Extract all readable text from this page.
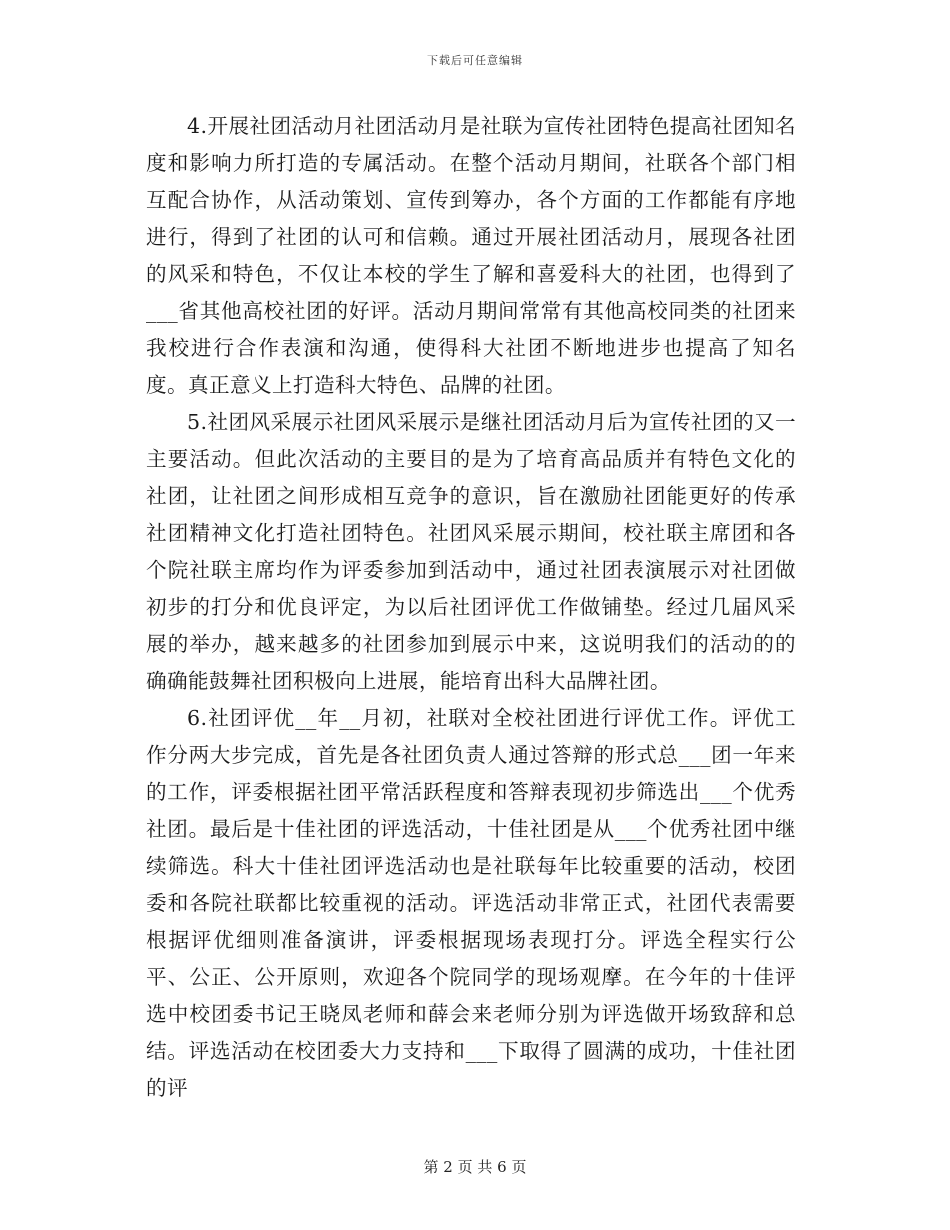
下载后可任意编辑

4.开展社团活动月社团活动月是社联为宣传社团特色提高社团知名度和影响力所打造的专属活动。在整个活动月期间，社联各个部门相互配合协作，从活动策划、宣传到筹办，各个方面的工作都能有序地进行，得到了社团的认可和信赖。通过开展社团活动月，展现各社团的风采和特色，不仅让本校的学生了解和喜爱科大的社团，也得到了___省其他高校社团的好评。活动月期间常常有其他高校同类的社团来我校进行合作表演和沟通，使得科大社团不断地进步也提高了知名度。真正意义上打造科大特色、品牌的社团。

5.社团风采展示社团风采展示是继社团活动月后为宣传社团的又一主要活动。但此次活动的主要目的是为了培育高品质并有特色文化的社团，让社团之间形成相互竞争的意识，旨在激励社团能更好的传承社团精神文化打造社团特色。社团风采展示期间，校社联主席团和各个院社联主席均作为评委参加到活动中，通过社团表演展示对社团做初步的打分和优良评定，为以后社团评优工作做铺垫。经过几届风采展的举办，越来越多的社团参加到展示中来，这说明我们的活动的的确确能鼓舞社团积极向上进展，能培育出科大品牌社团。

6.社团评优__年__月初，社联对全校社团进行评优工作。评优工作分两大步完成，首先是各社团负责人通过答辩的形式总___团一年来的工作，评委根据社团平常活跃程度和答辩表现初步筛选出___个优秀社团。最后是十佳社团的评选活动，十佳社团是从___个优秀社团中继续筛选。科大十佳社团评选活动也是社联每年比较重要的活动，校团委和各院社联都比较重视的活动。评选活动非常正式，社团代表需要根据评优细则准备演讲，评委根据现场表现打分。评选全程实行公平、公正、公开原则，欢迎各个院同学的现场观摩。在今年的十佳评选中校团委书记王晓凤老师和薛会来老师分别为评选做开场致辞和总结。评选活动在校团委大力支持和___下取得了圆满的成功，十佳社团的评

第 2 页 共 6 页
